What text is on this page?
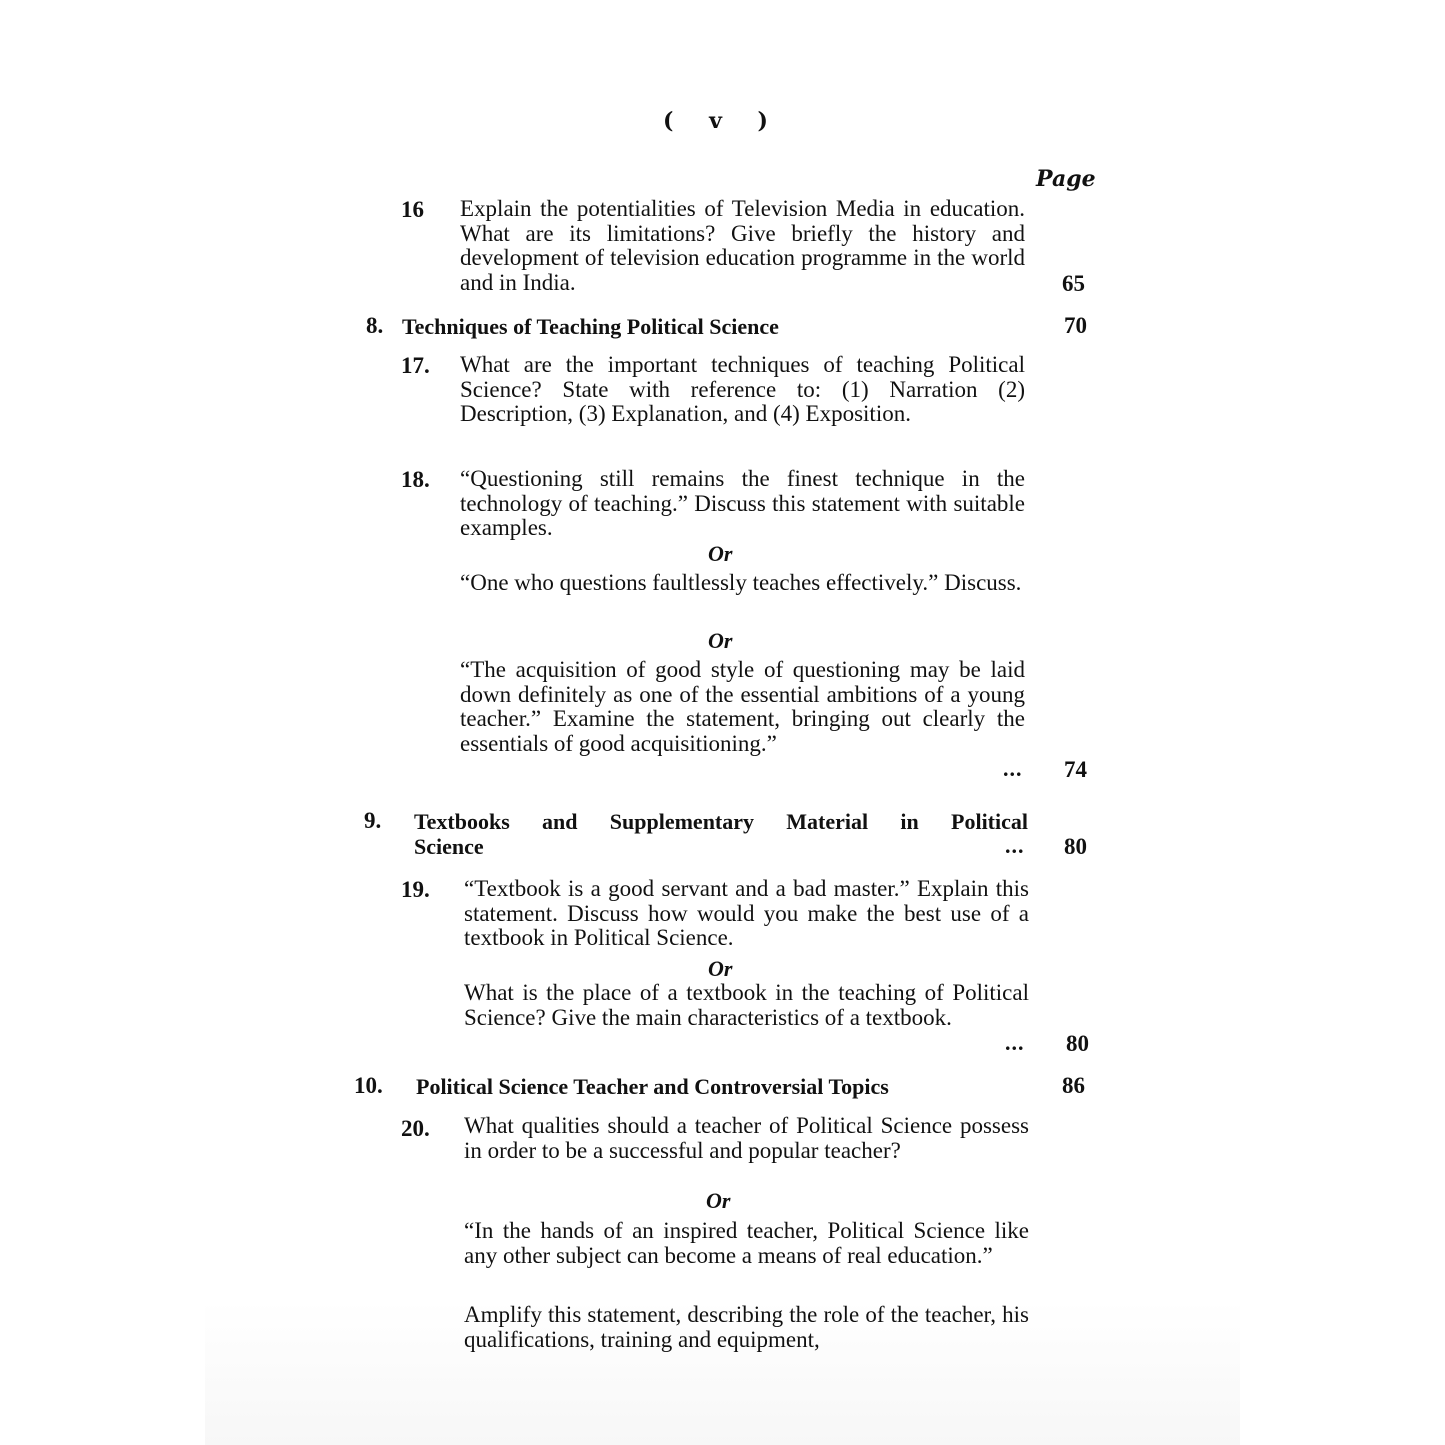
( v )
Page
16 Explain the potentialities of Television Media in education. What are its limitations? Give briefly the history and development of television education programme in the world and in India.	65
8. Techniques of Teaching Political Science	70
17. What are the important techniques of teaching Political Science? State with reference to: (1) Narration (2) Description, (3) Explanation, and (4) Exposition.

18. “Questioning still remains the finest technique in the technology of teaching.” Discuss this statement with suitable examples.

Or

“One who questions faultlessly teaches effectively.” Discuss.

Or

“The acquisition of good style of questioning may be laid down definitely as one of the essential ambitions of a young teacher.” Examine the statement, bringing out clearly the essentials of good acquisitioning.”

... 74
9. Textbooks and Supplementary Material in Political
Science	... 80
19. “Textbook is a good servant and a bad master.” Explain this statement. Discuss how would you make the best use of a textbook in Political Science.

Or

What is the place of a textbook in the teaching of Political Science? Give the main characteristics of a textbook.

... 80
10. Political Science Teacher and Controversial Topics	86
20. What qualities should a teacher of Political Science possess in order to be a successful and popular teacher?

Or

“In the hands of an inspired teacher, Political Science like any other subject can become a means of real education.”

Amplify this statement, describing the role of the teacher, his qualifications, training and equipment,
